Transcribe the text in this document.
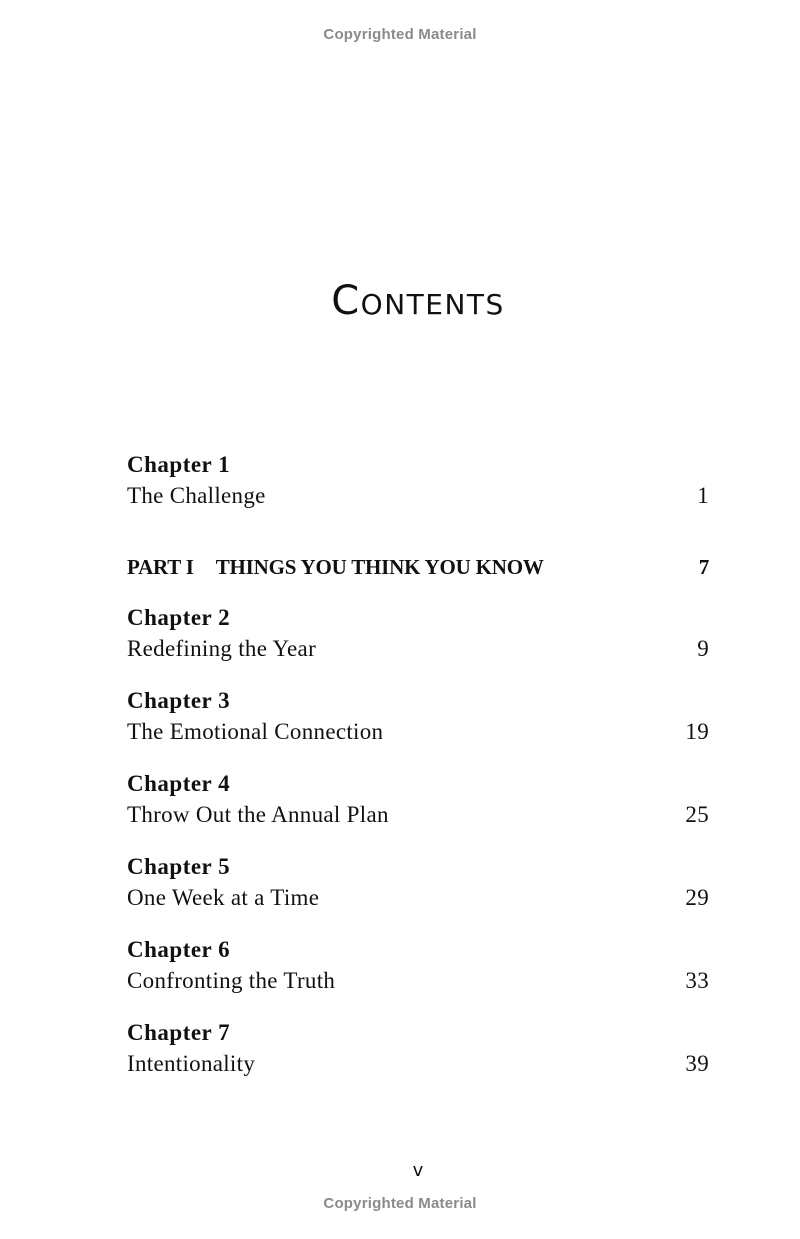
Copyrighted Material
Contents
Chapter 1
The Challenge	1
PART I THINGS YOU THINK YOU KNOW	7
Chapter 2
Redefining the Year	9
Chapter 3
The Emotional Connection	19
Chapter 4
Throw Out the Annual Plan	25
Chapter 5
One Week at a Time	29
Chapter 6
Confronting the Truth	33
Chapter 7
Intentionality	39
v
Copyrighted Material
